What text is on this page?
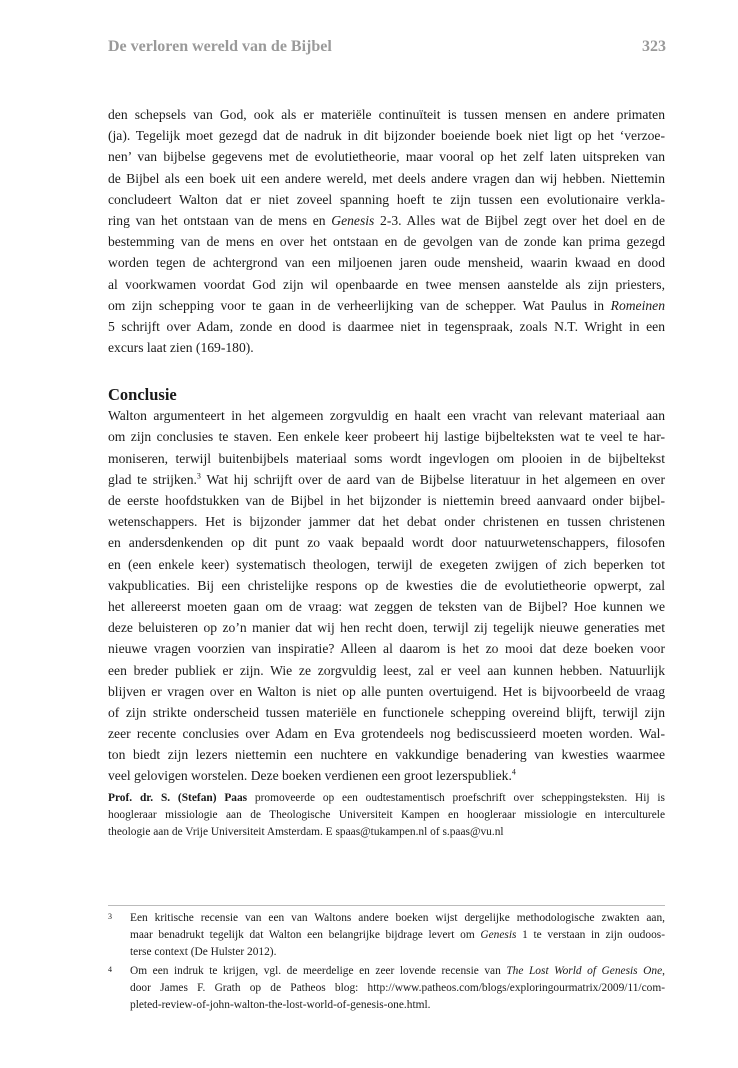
De verloren wereld van de Bijbel	323

den schepsels van God, ook als er materiële continuïteit is tussen mensen en andere primaten
(ja). Tegelijk moet gezegd dat de nadruk in dit bijzonder boeiende boek niet ligt op het ‘verzoe-
nen’ van bijbelse gegevens met de evolutietheorie, maar vooral op het zelf laten uitspreken van
de Bijbel als een boek uit een andere wereld, met deels andere vragen dan wij hebben. Niettemin
concludeert Walton dat er niet zoveel spanning hoeft te zijn tussen een evolutionaire verkla-
ring van het ontstaan van de mens en Genesis 2-3. Alles wat de Bijbel zegt over het doel en de
bestemming van de mens en over het ontstaan en de gevolgen van de zonde kan prima gezegd
worden tegen de achtergrond van een miljoenen jaren oude mensheid, waarin kwaad en dood
al voorkwamen voordat God zijn wil openbaarde en twee mensen aanstelde als zijn priesters,
om zijn schepping voor te gaan in de verheerlijking van de schepper. Wat Paulus in Romeinen
5 schrijft over Adam, zonde en dood is daarmee niet in tegenspraak, zoals N.T. Wright in een
excurs laat zien (169-180).

Conclusie

Walton argumenteert in het algemeen zorgvuldig en haalt een vracht van relevant materiaal aan
om zijn conclusies te staven. Een enkele keer probeert hij lastige bijbelteksten wat te veel te har-
moniseren, terwijl buitenbijbels materiaal soms wordt ingevlogen om plooien in de bijbeltekst
glad te strijken.$^3$ Wat hij schrijft over de aard van de Bijbelse literatuur in het algemeen en over
de eerste hoofdstukken van de Bijbel in het bijzonder is niettemin breed aanvaard onder bijbel-
wetenschappers. Het is bijzonder jammer dat het debat onder christenen en tussen christenen
en andersdenkenden op dit punt zo vaak bepaald wordt door natuurwetenschappers, filosofen
en (een enkele keer) systematisch theologen, terwijl de exegeten zwijgen of zich beperken tot
vakpublicaties. Bij een christelijke respons op de kwesties die de evolutietheorie opwerpt, zal
het allereerst moeten gaan om de vraag: wat zeggen de teksten van de Bijbel? Hoe kunnen we
deze beluisteren op zo’n manier dat wij hen recht doen, terwijl zij tegelijk nieuwe generaties met
nieuwe vragen voorzien van inspiratie? Alleen al daarom is het zo mooi dat deze boeken voor
een breder publiek er zijn. Wie ze zorgvuldig leest, zal er veel aan kunnen hebben. Natuurlijk
blijven er vragen over en Walton is niet op alle punten overtuigend. Het is bijvoorbeeld de vraag
of zijn strikte onderscheid tussen materiële en functionele schepping overeind blijft, terwijl zijn
zeer recente conclusies over Adam en Eva grotendeels nog bediscussieerd moeten worden. Wal-
ton biedt zijn lezers niettemin een nuchtere en vakkundige benadering van kwesties waarmee
veel gelovigen worstelen. Deze boeken verdienen een groot lezerspubliek.$^4$

Prof. dr. S. (Stefan) Paas promoveerde op een oudtestamentisch proefschrift over scheppingsteksten. Hij is
hoogleraar missiologie aan de Theologische Universiteit Kampen en hoogleraar missiologie en interculturele
theologie aan de Vrije Universiteit Amsterdam. E spaas@tukampen.nl of s.paas@vu.nl
3 Een kritische recensie van een van Waltons andere boeken wijst dergelijke methodologische zwakten aan,
maar benadrukt tegelijk dat Walton een belangrijke bijdrage levert om Genesis 1 te verstaan in zijn oudoos-
terse context (De Hulster 2012).
4 Om een indruk te krijgen, vgl. de meerdelige en zeer lovende recensie van The Lost World of Genesis One,
door James F. Grath op de Patheos blog: http://www.patheos.com/blogs/exploringourmatrix/2009/11/com-
pleted-review-of-john-walton-the-lost-world-of-genesis-one.html.
